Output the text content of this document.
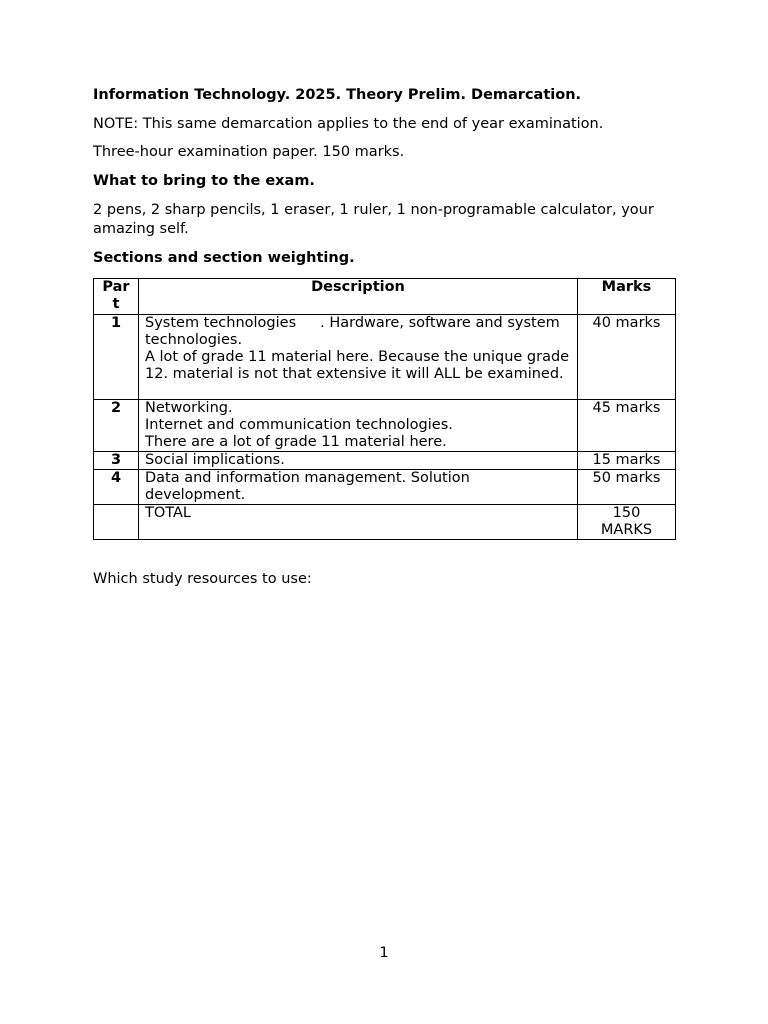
Information Technology. 2025. Theory Prelim. Demarcation.

NOTE: This same demarcation applies to the end of year examination.

Three-hour examination paper. 150 marks.

What to bring to the exam.

2 pens, 2 sharp pencils, 1 eraser, 1 ruler, 1 non-programable calculator, your amazing self.

Sections and section weighting.

Part	Description	Marks
1	System technologies . Hardware, software and system technologies.
A lot of grade 11 material here. Because the unique grade 12. material is not that extensive it will ALL be examined.	40 marks
2	Networking.
Internet and communication technologies.
There are a lot of grade 11 material here.	45 marks
3	Social implications.	15 marks
4	Data and information management. Solution development.	50 marks
	TOTAL	150 MARKS

Which study resources to use:

1
